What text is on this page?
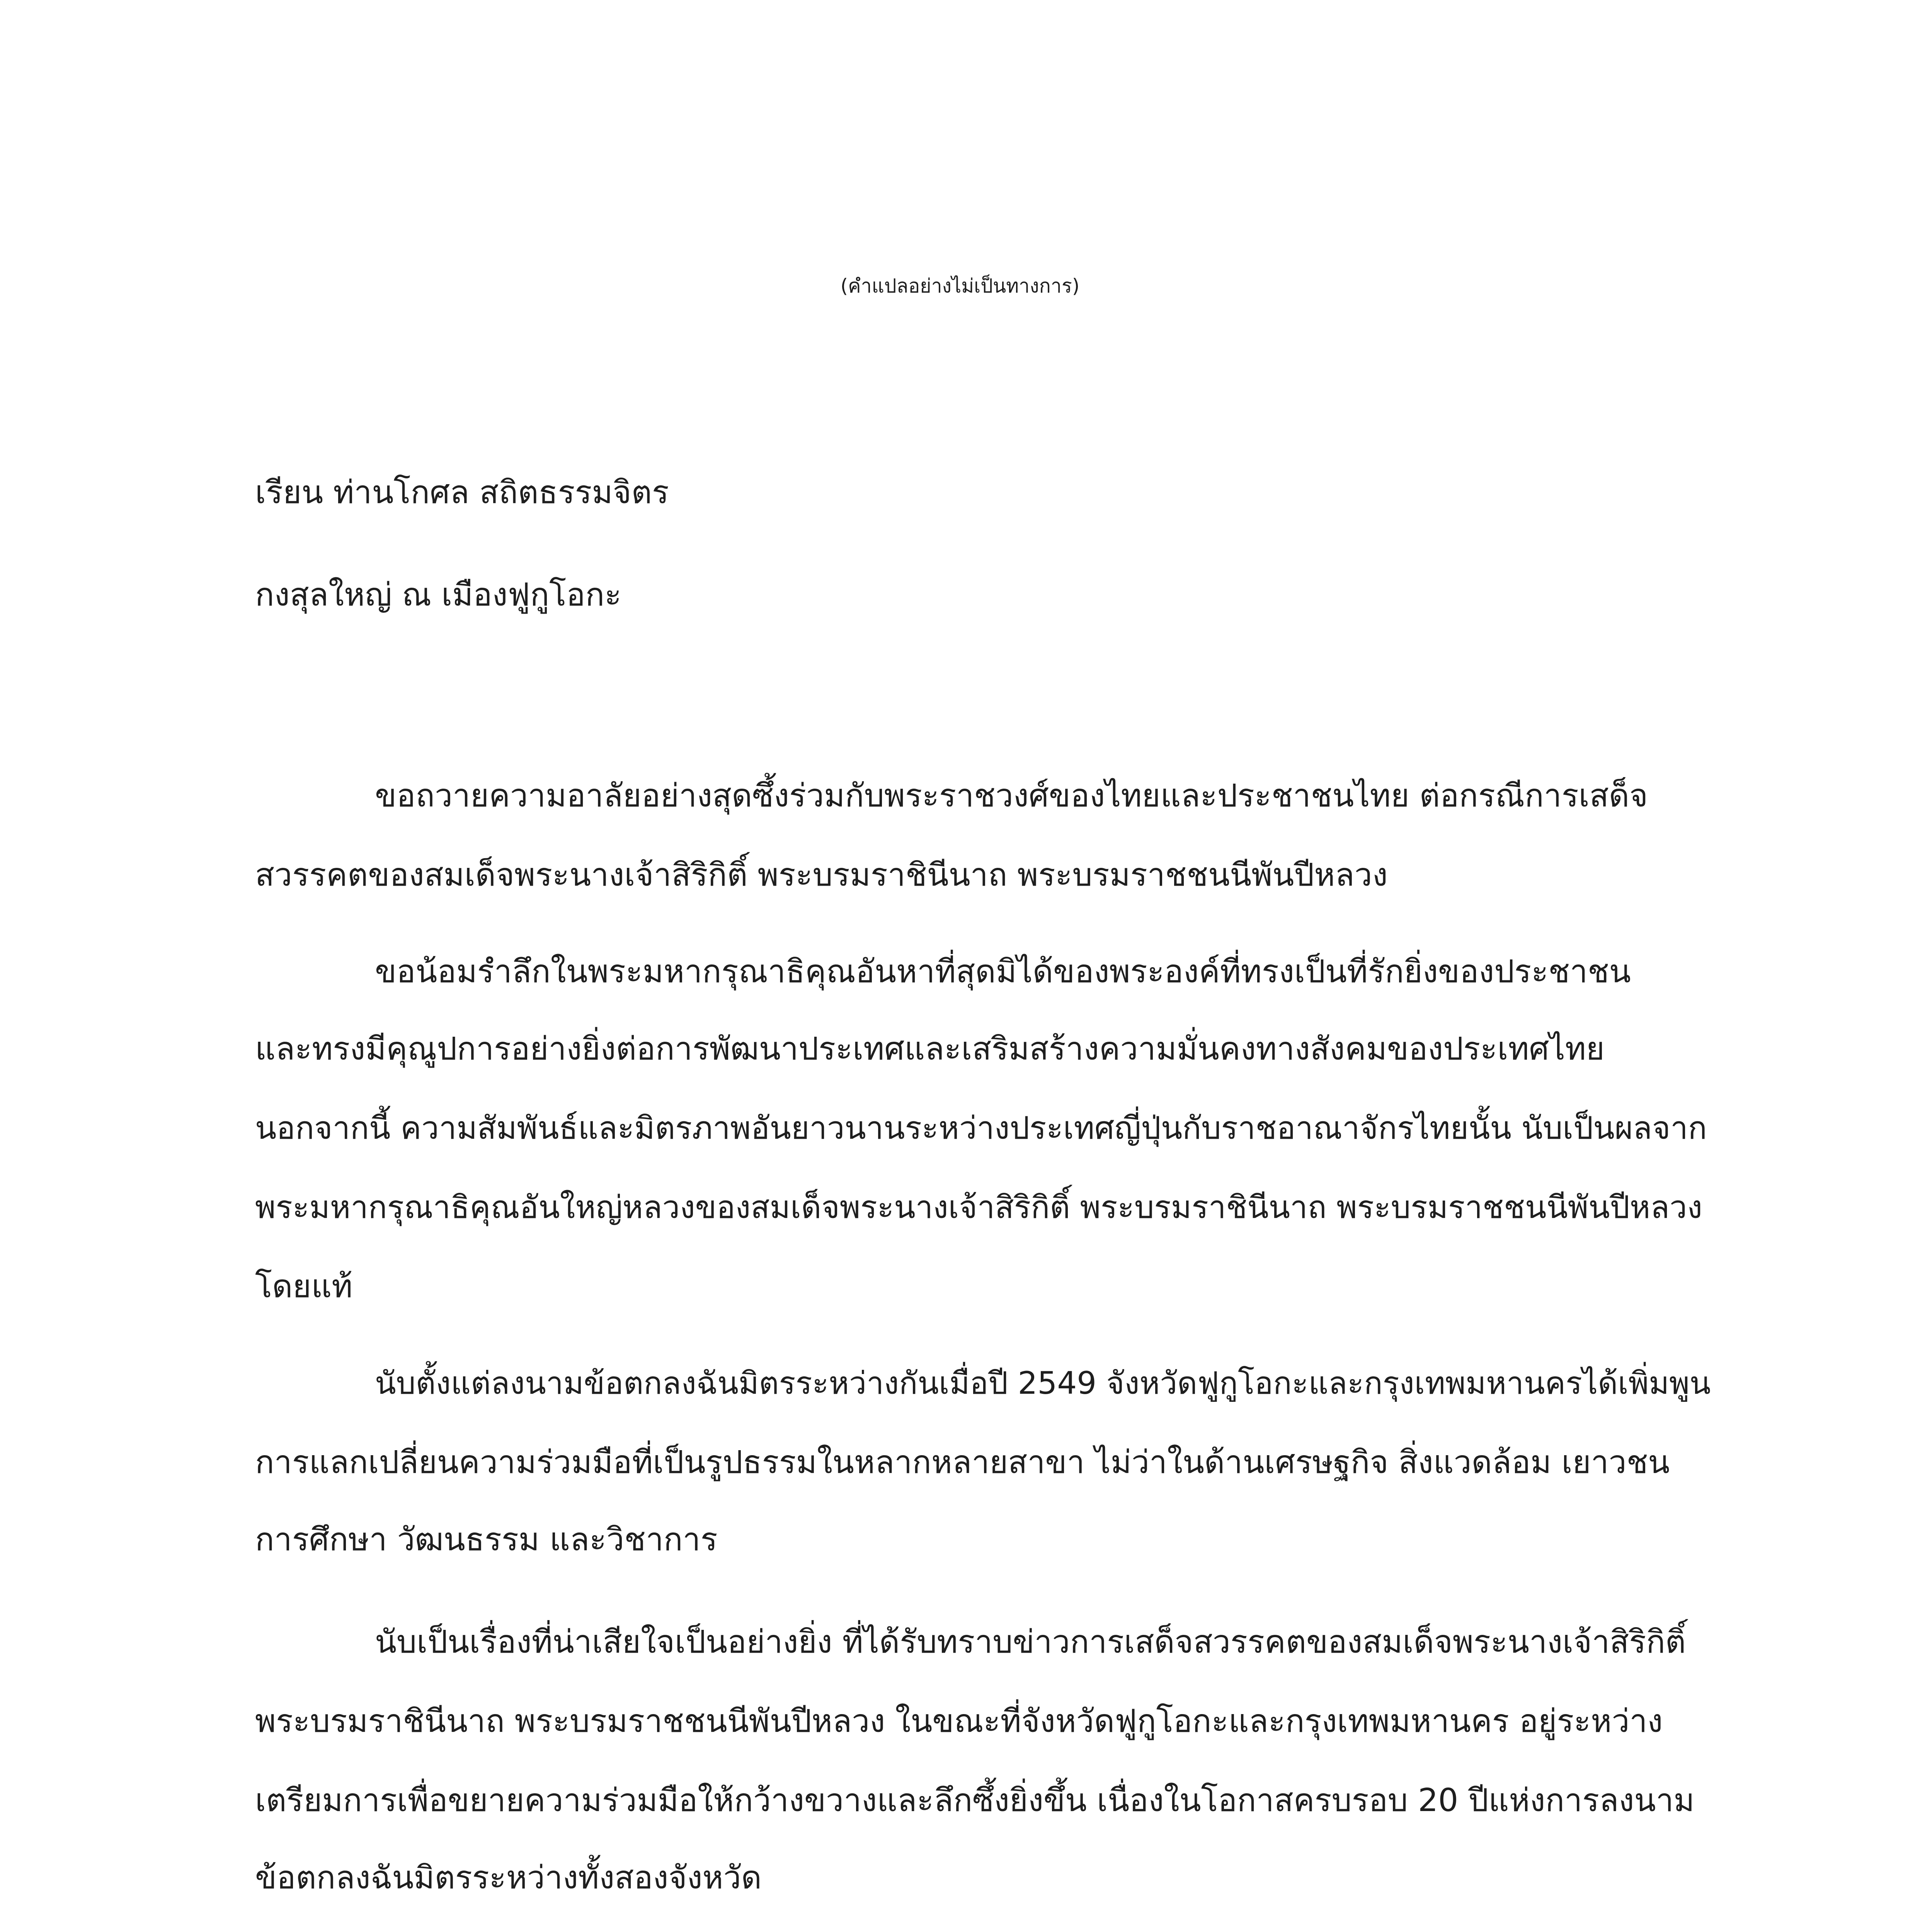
(คำแปลอย่างไม่เป็นทางการ)

เรียน ท่านโกศล สถิตธรรมจิตร

กงสุลใหญ่ ณ เมืองฟูกูโอกะ

ขอถวายความอาลัยอย่างสุดซึ้งร่วมกับพระราชวงศ์ของไทยและประชาชนไทย ต่อกรณีการเสด็จ

สวรรคตของสมเด็จพระนางเจ้าสิริกิติ์ พระบรมราชินีนาถ พระบรมราชชนนีพันปีหลวง

ขอน้อมรำลึกในพระมหากรุณาธิคุณอันหาที่สุดมิได้ของพระองค์ที่ทรงเป็นที่รักยิ่งของประชาชน

และทรงมีคุณูปการอย่างยิ่งต่อการพัฒนาประเทศและเสริมสร้างความมั่นคงทางสังคมของประเทศไทย

นอกจากนี้ ความสัมพันธ์และมิตรภาพอันยาวนานระหว่างประเทศญี่ปุ่นกับราชอาณาจักรไทยนั้น นับเป็นผลจาก

พระมหากรุณาธิคุณอันใหญ่หลวงของสมเด็จพระนางเจ้าสิริกิติ์ พระบรมราชินีนาถ พระบรมราชชนนีพันปีหลวง

โดยแท้

นับตั้งแต่ลงนามข้อตกลงฉันมิตรระหว่างกันเมื่อปี 2549 จังหวัดฟูกูโอกะและกรุงเทพมหานครได้เพิ่มพูน

การแลกเปลี่ยนความร่วมมือที่เป็นรูปธรรมในหลากหลายสาขา ไม่ว่าในด้านเศรษฐกิจ สิ่งแวดล้อม เยาวชน

การศึกษา วัฒนธรรม และวิชาการ

นับเป็นเรื่องที่น่าเสียใจเป็นอย่างยิ่ง ที่ได้รับทราบข่าวการเสด็จสวรรคตของสมเด็จพระนางเจ้าสิริกิติ์

พระบรมราชินีนาถ พระบรมราชชนนีพันปีหลวง ในขณะที่จังหวัดฟูกูโอกะและกรุงเทพมหานคร อยู่ระหว่าง

เตรียมการเพื่อขยายความร่วมมือให้กว้างขวางและลึกซึ้งยิ่งขึ้น เนื่องในโอกาสครบรอบ 20 ปีแห่งการลงนาม

ข้อตกลงฉันมิตรระหว่างทั้งสองจังหวัด
